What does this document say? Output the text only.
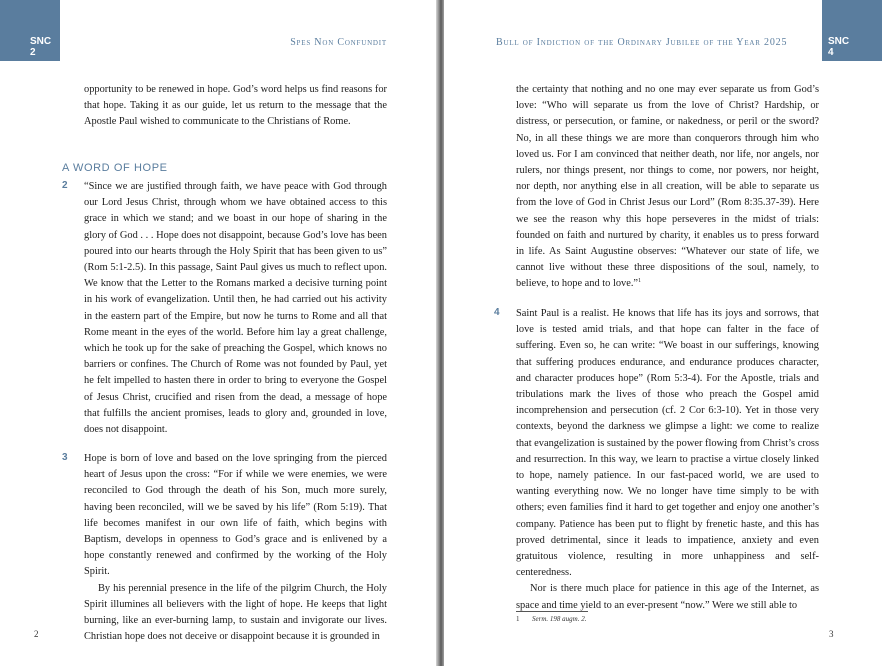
SNC
2
Spes Non Confundit

opportunity to be renewed in hope. God’s word helps us find reasons for that hope. Taking it as our guide, let us return to the message that the Apostle Paul wished to communicate to the Christians of Rome.

A WORD OF HOPE
2 “Since we are justified through faith, we have peace with God through our Lord Jesus Christ, through whom we have obtained access to this grace in which we stand; and we boast in our hope of sharing in the glory of God . . . Hope does not disappoint, because God’s love has been poured into our hearts through the Holy Spirit that has been given to us” (Rom 5:1-2.5). In this passage, Saint Paul gives us much to reflect upon. We know that the Letter to the Romans marked a decisive turning point in his work of evangelization. Until then, he had carried out his activity in the eastern part of the Empire, but now he turns to Rome and all that Rome meant in the eyes of the world. Before him lay a great challenge, which he took up for the sake of preaching the Gospel, which knows no barriers or confines. The Church of Rome was not founded by Paul, yet he felt impelled to hasten there in order to bring to everyone the Gospel of Jesus Christ, crucified and risen from the dead, a message of hope that fulfills the ancient promises, leads to glory and, grounded in love, does not disappoint.

3 Hope is born of love and based on the love springing from the pierced heart of Jesus upon the cross: “For if while we were enemies, we were reconciled to God through the death of his Son, much more surely, having been reconciled, will we be saved by his life” (Rom 5:19). That life becomes manifest in our own life of faith, which begins with Baptism, develops in openness to God’s grace and is enlivened by a hope constantly renewed and confirmed by the working of the Holy Spirit.

By his perennial presence in the life of the pilgrim Church, the Holy Spirit illumines all believers with the light of hope. He keeps that light burning, like an ever-burning lamp, to sustain and invigorate our lives. Christian hope does not deceive or disappoint because it is grounded in

2
SNC
4
Bull of Indiction of the Ordinary Jubilee of the Year 2025

the certainty that nothing and no one may ever separate us from God’s love: “Who will separate us from the love of Christ? Hardship, or distress, or persecution, or famine, or nakedness, or peril or the sword? No, in all these things we are more than conquerors through him who loved us. For I am convinced that neither death, nor life, nor angels, nor rulers, nor things present, nor things to come, nor powers, nor height, nor depth, nor anything else in all creation, will be able to separate us from the love of God in Christ Jesus our Lord” (Rom 8:35.37-39). Here we see the reason why this hope perseveres in the midst of trials: founded on faith and nurtured by charity, it enables us to press forward in life. As Saint Augustine observes: “Whatever our state of life, we cannot live without these three dispositions of the soul, namely, to believe, to hope and to love.”$^1$

4 Saint Paul is a realist. He knows that life has its joys and sorrows, that love is tested amid trials, and that hope can falter in the face of suffering. Even so, he can write: “We boast in our sufferings, knowing that suffering produces endurance, and endurance produces character, and character produces hope” (Rom 5:3-4). For the Apostle, trials and tribulations mark the lives of those who preach the Gospel amid incomprehension and persecution (cf. 2 Cor 6:3-10). Yet in those very contexts, beyond the darkness we glimpse a light: we come to realize that evangelization is sustained by the power flowing from Christ’s cross and resurrection. In this way, we learn to practise a virtue closely linked to hope, namely patience. In our fast-paced world, we are used to wanting everything now. We no longer have time simply to be with others; even families find it hard to get together and enjoy one another’s company. Patience has been put to flight by frenetic haste, and this has proved detrimental, since it leads to impatience, anxiety and even gratuitous violence, resulting in more unhappiness and self-centeredness.

Nor is there much place for patience in this age of the Internet, as space and time yield to an ever-present “now.” Were we still able to

1 Serm. 198 augm. 2.
3
